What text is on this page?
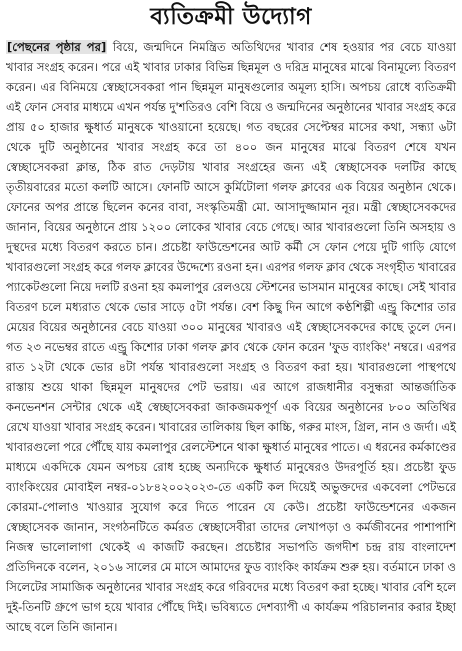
ব্যতিক্রমী উদ্যোগ

[পেছনের পৃষ্ঠার পর] বিয়ে, জন্মদিনে নিমন্ত্রিত অতিথিদের খাবার শেষ হওয়ার পর বেচে যাওয়া খাবার সংগ্রহ করেন। পরে এই খাবার ঢাকার বিভিন্ন ছিন্নমূল ও দরিদ্র মানুষের মাঝে বিনামূল্যে বিতরণ করেন। এর বিনিময়ে স্বেচ্ছাসেবকরা পান ছিন্নমূল মানুষগুলোর অমূল্য হাসি। অপচয় রোধে ব্যতিক্রমী এই ফোন সেবার মাধ্যমে এখন পর্যন্ত দু'শতিরও বেশি বিয়ে ও জন্মদিনের অনুষ্ঠানের খাবার সংগ্রহ করে প্রায় ৫০ হাজার ক্ষুধার্ত মানুষকে খাওয়ানো হয়েছে। গত বছরের সেপ্টেম্বর মাসের কথা, সন্ধ্যা ৬টা থেকে দুটি অনুষ্ঠানের খাবার সংগ্রহ করে তা ৪০০ জন মানুষের মাঝে বিতরণ শেষে যখন স্বেচ্ছাসেবকরা ক্লান্ত, ঠিক রাত দেড়টায় খাবার সংগ্রহের জন্য এই স্বেচ্ছাসেবক দলটির কাছে তৃতীয়বারের মতো কলটি আসে। ফোনটি আসে কুর্মিটোলা গলফ ক্লাবের এক বিয়ের অনুষ্ঠান থেকে। ফোনের অপর প্রান্তে ছিলেন কনের বাবা, সংস্কৃতিমন্ত্রী মো. আসাদুজ্জামান নূর। মন্ত্রী স্বেচ্ছাসেবকদের জানান, বিয়ের অনুষ্ঠানে প্রায় ১২০০ লোকের খাবার বেচে গেছে। আর খাবারগুলো তিনি অসহায় ও দুস্থদের মধ্যে বিতরণ করতে চান। প্রচেষ্টা ফাউন্ডেশনের আট কর্মী সে ফোন পেয়ে দুটি গাড়ি যোগে খাবারগুলো সংগ্রহ করে গলফ ক্লাবের উদ্দেশ্যে রওনা হন। এরপর গলফ ক্লাব থেকে সংগৃহীত খাবারের প্যাকেটগুলো নিয়ে দলটি রওনা হয় কমলাপুর রেলওয়ে স্টেশনের ভাসমান মানুষের কাছে। সেই খাবার বিতরণ চলে মধ্যরাত থেকে ভোর সাড়ে ৫টা পর্যন্ত। বেশ কিছু দিন আগে কণ্ঠশিল্পী এন্ড্রু কিশোর তার মেয়ের বিয়ের অনুষ্ঠানের বেচে যাওয়া ৩০০ মানুষের খাবারও এই স্বেচ্ছাসেবকদের কাছে তুলে দেন। গত ২৩ নভেম্বর রাতে এন্ড্রু কিশোর ঢাকা গলফ ক্লাব থেকে ফোন করেন 'ফুড ব্যাংকিং' নম্বরে। এরপর রাত ১২টা থেকে ভোর ৪টা পর্যন্ত খাবারগুলো সংগ্রহ ও বিতরণ করা হয়। খাবারগুলো পাস্থপথে রাস্তায় শুয়ে থাকা ছিন্নমূল মানুষদের পেট ভরায়। এর আগে রাজধানীর বসুন্ধরা আন্তর্জাতিক কনভেনশন সেন্টার থেকে এই স্বেচ্ছাসেবকরা জাকজমকপূর্ণ এক বিয়ের অনুষ্ঠানের ৮০০ অতিথির রেখে যাওয়া খাবার সংগ্রহ করেন। খাবারের তালিকায় ছিল কাচ্চি, গরুর মাংস, গ্রিল, নান ও জর্দা। এই খাবারগুলো পরে পৌঁছে যায় কমলাপুর রেলস্টেশনে থাকা ক্ষুধার্ত মানুষের পাতে। এ ধরনের কর্মকাণ্ডের মাধ্যমে একদিকে যেমন অপচয় রোধ হচ্ছে অন্যদিকে ক্ষুধার্ত মানুষেরও উদরপূর্তি হয়। প্রচেষ্টা ফুড ব্যাংকিংয়ের মোবাইল নম্বর-০১৮৪২০০২০২৩-তে একটি কল দিয়েই অভুক্তদের একবেলা পেটভরে কোরমা-পোলাও খাওয়ার সুযোগ করে দিতে পারেন যে কেউ। প্রচেষ্টা ফাউন্ডেশনের একজন স্বেচ্ছাসেবক জানান, সংগঠনটিতে কর্মরত স্বেচ্ছাসেবীরা তাদের লেখাপড়া ও কর্মজীবনের পাশাপাশি নিজস্ব ভালোলাগা থেকেই এ কাজটি করছেন। প্রচেষ্টার সভাপতি জগদীশ চন্দ্র রায় বাংলাদেশ প্রতিদিনকে বলেন, ২০১৬ সালের মে মাসে আমাদের ফুড ব্যাংকিং কার্যক্রম শুরু হয়। বর্তমানে ঢাকা ও সিলেটের সামাজিক অনুষ্ঠানের খাবার সংগ্রহ করে গরিবদের মধ্যে বিতরণ করা হচ্ছে। খাবার বেশি হলে দুই-তিনটি গ্রুপে ভাগ হয়ে খাবার পৌঁছে দিই। ভবিষ্যতে দেশব্যাপী এ কার্যক্রম পরিচালনার করার ইচ্ছা আছে বলে তিনি জানান।
